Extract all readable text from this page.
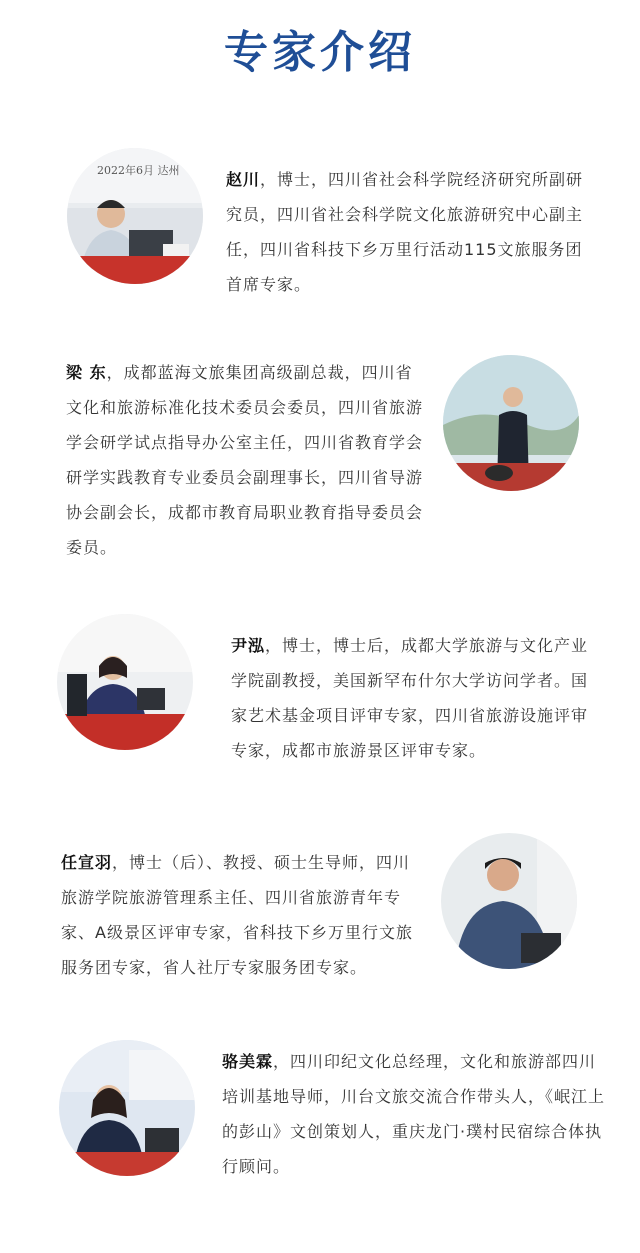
专家介绍
2022年6月 达州	赵川，博士，四川省社会科学院经济研究所副研究员，四川省社会科学院文化旅游研究中心副主任，四川省科技下乡万里行活动115文旅服务团首席专家。
梁 东，成都蓝海文旅集团高级副总裁，四川省文化和旅游标准化技术委员会委员，四川省旅游学会研学试点指导办公室主任，四川省教育学会研学实践教育专业委员会副理事长，四川省导游协会副会长，成都市教育局职业教育指导委员会委员。
尹泓，博士，博士后，成都大学旅游与文化产业学院副教授，美国新罕布什尔大学访问学者。国家艺术基金项目评审专家，四川省旅游设施评审专家，成都市旅游景区评审专家。
任宣羽，博士（后）、教授、硕士生导师，四川旅游学院旅游管理系主任、四川省旅游青年专家、A级景区评审专家，省科技下乡万里行文旅服务团专家，省人社厅专家服务团专家。
骆美霖，四川印纪文化总经理，文化和旅游部四川培训基地导师，川台文旅交流合作带头人，《岷江上的彭山》文创策划人，重庆龙门·璞村民宿综合体执行顾问。
